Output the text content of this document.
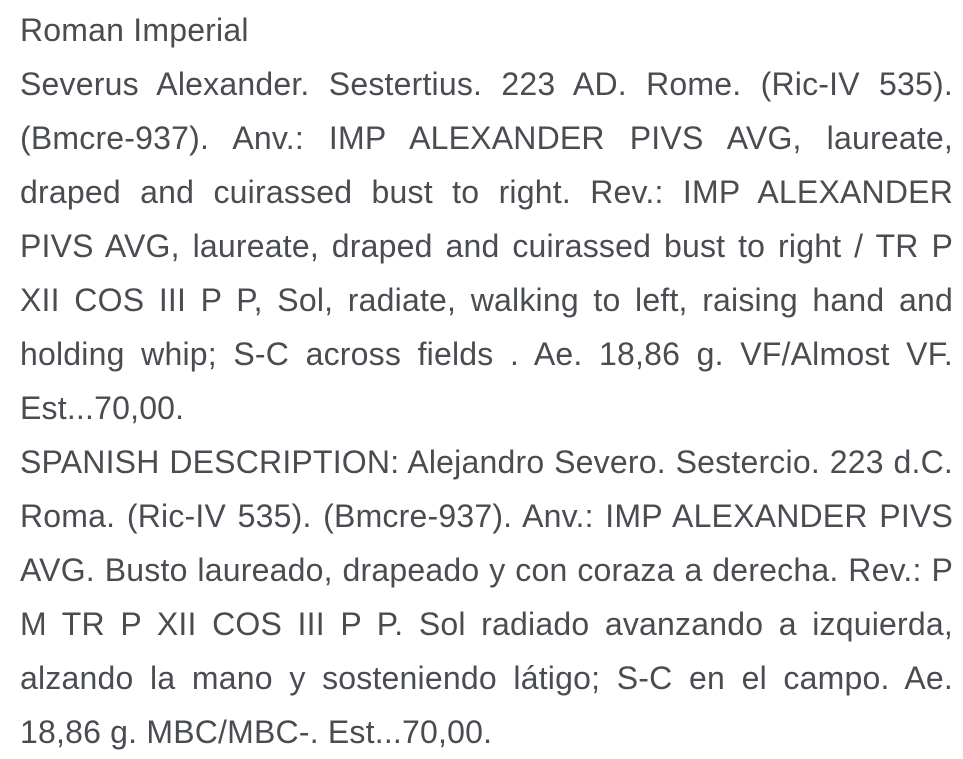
Roman Imperial
Severus Alexander. Sestertius. 223 AD. Rome. (Ric-IV 535).
(Bmcre-937). Anv.: IMP ALEXANDER PIVS AVG, laureate,
draped and cuirassed bust to right. Rev.: IMP ALEXANDER
PIVS AVG, laureate, draped and cuirassed bust to right / TR P
XII COS III P P, Sol, radiate, walking to left, raising hand and
holding whip; S-C across fields . Ae. 18,86 g. VF/Almost VF.
Est...70,00.
SPANISH DESCRIPTION: Alejandro Severo. Sestercio. 223 d.C.
Roma. (Ric-IV 535). (Bmcre-937). Anv.: IMP ALEXANDER PIVS
AVG. Busto laureado, drapeado y con coraza a derecha. Rev.: P
M TR P XII COS III P P. Sol radiado avanzando a izquierda,
alzando la mano y sosteniendo látigo; S-C en el campo. Ae.
18,86 g. MBC/MBC-. Est...70,00.
